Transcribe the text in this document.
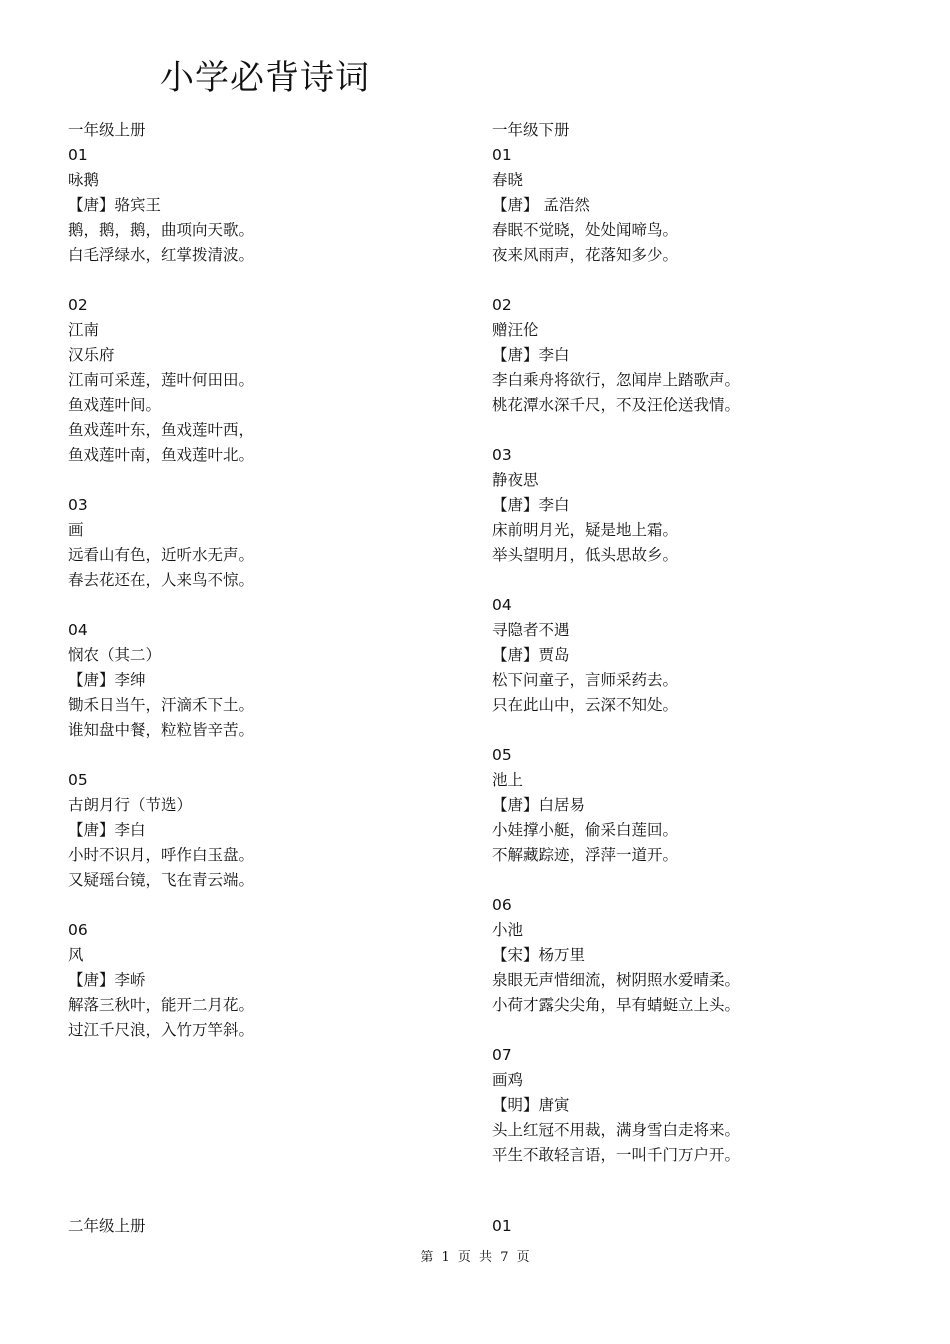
小学必背诗词
一年级上册
01
咏鹅
【唐】骆宾王
鹅，鹅，鹅，曲项向天歌。
白毛浮绿水，红掌拨清波。
02
江南
汉乐府
江南可采莲，莲叶何田田。
鱼戏莲叶间。
鱼戏莲叶东，鱼戏莲叶西，
鱼戏莲叶南，鱼戏莲叶北。
03
画
远看山有色，近听水无声。
春去花还在，人来鸟不惊。
04
悯农（其二）
【唐】李绅
锄禾日当午，汗滴禾下土。
谁知盘中餐，粒粒皆辛苦。
05
古朗月行（节选）
【唐】李白
小时不识月，呼作白玉盘。
又疑瑶台镜，飞在青云端。
06
风
【唐】李峤
解落三秋叶，能开二月花。
过江千尺浪，入竹万竿斜。
一年级下册
01
春晓
【唐】 孟浩然
春眠不觉晓，处处闻啼鸟。
夜来风雨声，花落知多少。
02
赠汪伦
【唐】李白
李白乘舟将欲行，忽闻岸上踏歌声。
桃花潭水深千尺，不及汪伦送我情。
03
静夜思
【唐】李白
床前明月光，疑是地上霜。
举头望明月，低头思故乡。
04
寻隐者不遇
【唐】贾岛
松下问童子，言师采药去。
只在此山中，云深不知处。
05
池上
【唐】白居易
小娃撑小艇，偷采白莲回。
不解藏踪迹，浮萍一道开。
06
小池
【宋】杨万里
泉眼无声惜细流，树阴照水爱晴柔。
小荷才露尖尖角，早有蜻蜓立上头。
07
画鸡
【明】唐寅
头上红冠不用裁，满身雪白走将来。
平生不敢轻言语，一叫千门万户开。
二年级上册	01
第 1 页 共 7 页
